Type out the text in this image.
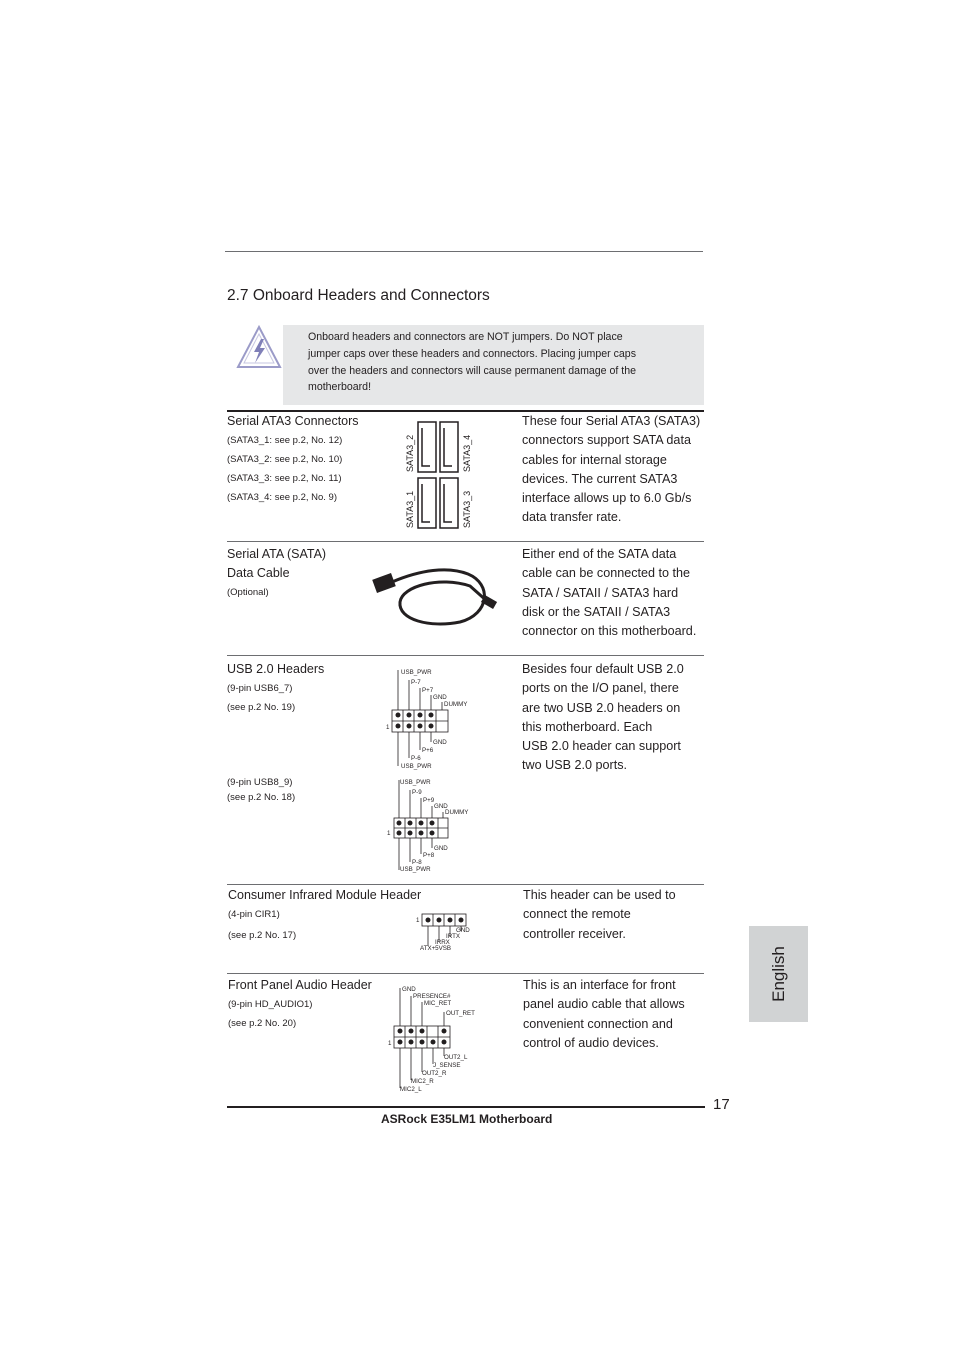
2.7 Onboard Headers and Connectors
Onboard headers and connectors are NOT jumpers. Do NOT place
jumper caps over these headers and connectors. Placing jumper caps
over the headers and connectors will cause permanent damage of the
motherboard!
Serial ATA3 Connectors
(SATA3_1: see p.2, No. 12)
(SATA3_2: see p.2, No. 10)
(SATA3_3: see p.2, No. 11)
(SATA3_4: see p.2, No. 9)
SATA3_2	SATA3_4
SATA3_1	SATA3_3
These four Serial ATA3 (SATA3)
connectors support SATA data
cables for internal storage
devices. The current SATA3
interface allows up to 6.0 Gb/s
data transfer rate.
Serial ATA (SATA)
Data Cable
(Optional)
Either end of the SATA data
cable can be connected to the
SATA / SATAII / SATA3 hard
disk or the SATAII / SATA3
connector on this motherboard.
USB 2.0 Headers
(9-pin USB6_7)
(see p.2 No. 19)
(9-pin USB8_9)
(see p.2 No. 18)
USB_PWR
P-7
P+7
GND
DUMMY
1
GND
P+6
P-6
USB_PWR
USB_PWR
P-9
P+9
GND
DUMMY
1
GND
P+8
P-8
USB_PWR
Besides four default USB 2.0
ports on the I/O panel, there
are two USB 2.0 headers on
this motherboard. Each
USB 2.0 header can support
two USB 2.0 ports.
Consumer Infrared Module Header
(4-pin CIR1)
(see p.2 No. 17)
1
GND
IRTX
IRRX
ATX+5VSB
This header can be used to
connect the remote
controller receiver.
Front Panel Audio Header
(9-pin HD_AUDIO1)
(see p.2 No. 20)
GND
PRESENCE#
MIC_RET
OUT_RET
1
OUT2_L
J_SENSE
OUT2_R
MIC2_R
MIC2_L
This is an interface for front
panel audio cable that allows
convenient connection and
control of audio devices.
English
17
ASRock E35LM1 Motherboard
